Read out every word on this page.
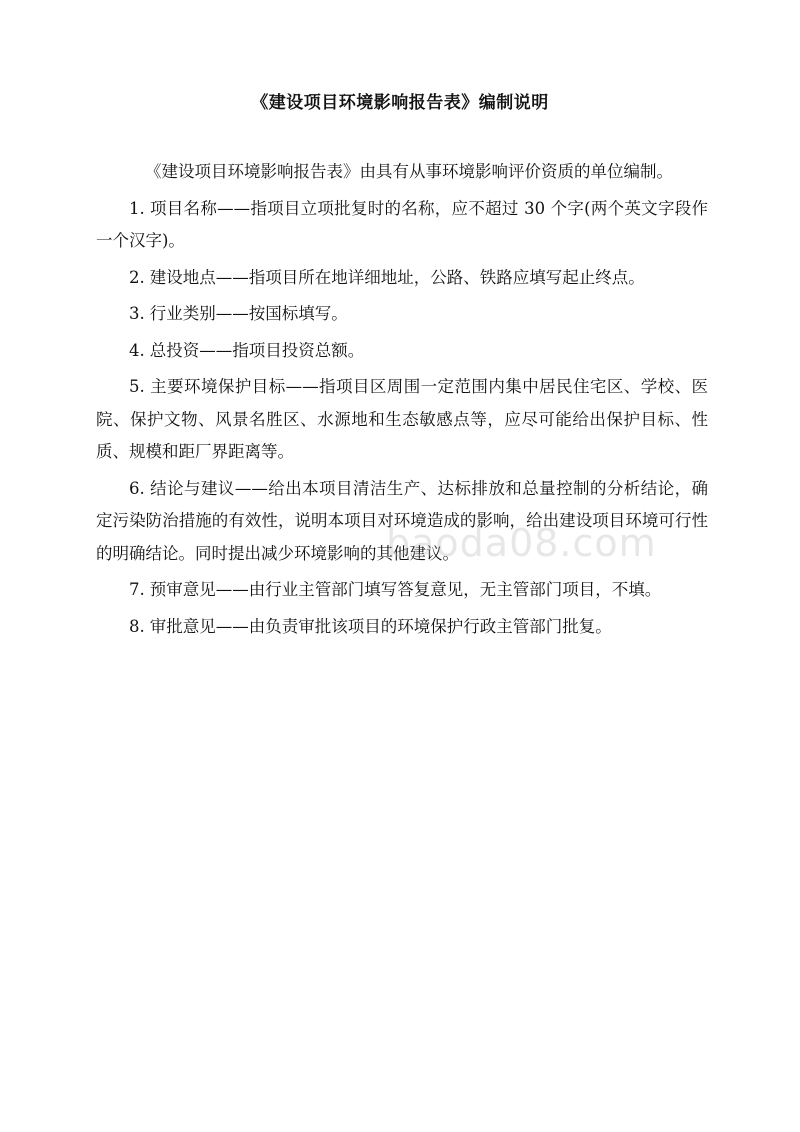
《建设项目环境影响报告表》编制说明

《建设项目环境影响报告表》由具有从事环境影响评价资质的单位编制。

1. 项目名称——指项目立项批复时的名称，应不超过 30 个字(两个英文字段作一个汉字)。

2. 建设地点——指项目所在地详细地址，公路、铁路应填写起止终点。

3. 行业类别——按国标填写。

4. 总投资——指项目投资总额。

5. 主要环境保护目标——指项目区周围一定范围内集中居民住宅区、学校、医院、保护文物、风景名胜区、水源地和生态敏感点等，应尽可能给出保护目标、性质、规模和距厂界距离等。

6. 结论与建议——给出本项目清洁生产、达标排放和总量控制的分析结论，确定污染防治措施的有效性，说明本项目对环境造成的影响，给出建设项目环境可行性的明确结论。同时提出减少环境影响的其他建议。

7. 预审意见——由行业主管部门填写答复意见，无主管部门项目，不填。

8. 审批意见——由负责审批该项目的环境保护行政主管部门批复。

baoda08.com
